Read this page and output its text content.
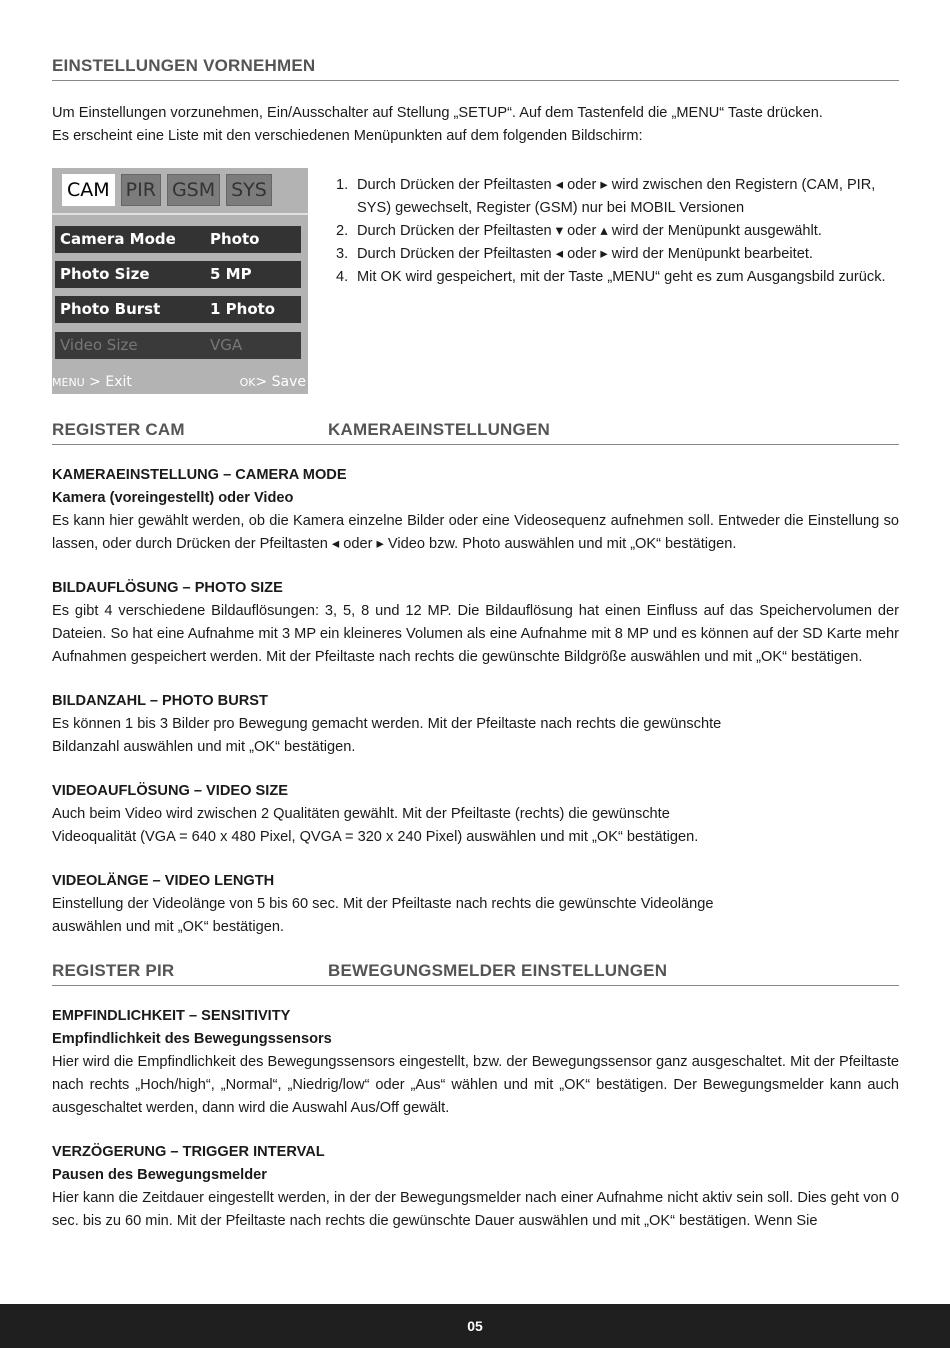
EINSTELLUNGEN VORNEHMEN

Um Einstellungen vorzunehmen, Ein/Ausschalter auf Stellung „SETUP“. Auf dem Tastenfeld die „MENU“ Taste drücken.

Es erscheint eine Liste mit den verschiedenen Menüpunkten auf dem folgenden Bildschirm:

CAM PIR GSM SYS
Camera Mode Photo
Photo Size	5 MP
Photo Burst	1 Photo
Video Size	VGA
MENU > Exit	OK> Save
1. Durch Drücken der Pfeiltasten ◂ oder ▸ wird zwischen den Registern (CAM, PIR, SYS) gewechselt, Register (GSM) nur bei MOBIL Versionen
2. Durch Drücken der Pfeiltasten ▾ oder ▴ wird der Menüpunkt ausgewählt.
3. Durch Drücken der Pfeiltasten ◂ oder ▸ wird der Menüpunkt bearbeitet.
4. Mit OK wird gespeichert, mit der Taste „MENU“ geht es zum Ausgangsbild zurück.
REGISTER CAM	KAMERAEINSTELLUNGEN
KAMERAEINSTELLUNG – CAMERA MODE
Kamera (voreingestellt) oder Video

Es kann hier gewählt werden, ob die Kamera einzelne Bilder oder eine Videosequenz aufnehmen soll. Entweder die Einstellung so lassen, oder durch Drücken der Pfeiltasten ◂ oder ▸ Video bzw. Photo auswählen und mit „OK“ bestätigen.

BILDAUFLÖSUNG – PHOTO SIZE

Es gibt 4 verschiedene Bildauflösungen: 3, 5, 8 und 12 MP. Die Bildauflösung hat einen Einfluss auf das Speichervolumen der Dateien. So hat eine Aufnahme mit 3 MP ein kleineres Volumen als eine Aufnahme mit 8 MP und es können auf der SD Karte mehr Aufnahmen gespeichert werden. Mit der Pfeiltaste nach rechts die gewünschte Bildgröße auswählen und mit „OK“ bestätigen.

BILDANZAHL – PHOTO BURST

Es können 1 bis 3 Bilder pro Bewegung gemacht werden. Mit der Pfeiltaste nach rechts die gewünschte

Bildanzahl auswählen und mit „OK“ bestätigen.

VIDEOAUFLÖSUNG – VIDEO SIZE

Auch beim Video wird zwischen 2 Qualitäten gewählt. Mit der Pfeiltaste (rechts) die gewünschte

Videoqualität (VGA = 640 x 480 Pixel, QVGA = 320 x 240 Pixel) auswählen und mit „OK“ bestätigen.

VIDEOLÄNGE – VIDEO LENGTH

Einstellung der Videolänge von 5 bis 60 sec. Mit der Pfeiltaste nach rechts die gewünschte Videolänge

auswählen und mit „OK“ bestätigen.

REGISTER PIR	BEWEGUNGSMELDER EINSTELLUNGEN
EMPFINDLICHKEIT – SENSITIVITY
Empfindlichkeit des Bewegungssensors

Hier wird die Empfindlichkeit des Bewegungssensors eingestellt, bzw. der Bewegungssensor ganz ausgeschaltet. Mit der Pfeiltaste nach rechts „Hoch/high“, „Normal“, „Niedrig/low“ oder „Aus“ wählen und mit „OK“ bestätigen. Der Bewegungsmelder kann auch ausgeschaltet werden, dann wird die Auswahl Aus/Off gewält.

VERZÖGERUNG – TRIGGER INTERVAL
Pausen des Bewegungsmelder

Hier kann die Zeitdauer eingestellt werden, in der der Bewegungsmelder nach einer Aufnahme nicht aktiv sein soll. Dies geht von 0 sec. bis zu 60 min. Mit der Pfeiltaste nach rechts die gewünschte Dauer auswählen und mit „OK“ bestätigen. Wenn Sie

05
